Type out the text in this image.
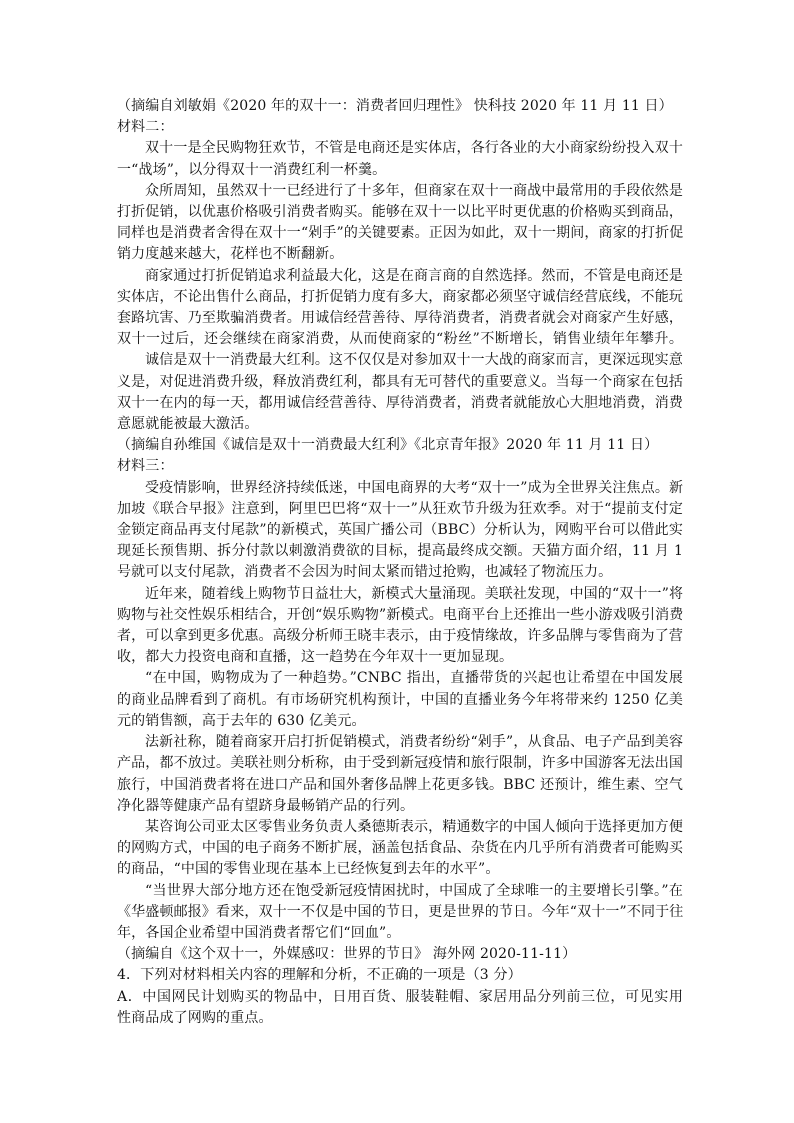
（摘编自刘敏娟《2020 年的双十一：消费者回归理性》 快科技 2020 年 11 月 11 日）
材料二：
双十一是全民购物狂欢节，不管是电商还是实体店，各行各业的大小商家纷纷投入双十
一“战场”，以分得双十一消费红利一杯羹。
众所周知，虽然双十一已经进行了十多年，但商家在双十一商战中最常用的手段依然是
打折促销，以优惠价格吸引消费者购买。能够在双十一以比平时更优惠的价格购买到商品，
同样也是消费者舍得在双十一“剁手”的关键要素。正因为如此，双十一期间，商家的打折促
销力度越来越大，花样也不断翻新。
商家通过打折促销追求利益最大化，这是在商言商的自然选择。然而，不管是电商还是
实体店，不论出售什么商品，打折促销力度有多大，商家都必须坚守诚信经营底线，不能玩
套路坑害、乃至欺骗消费者。用诚信经营善待、厚待消费者，消费者就会对商家产生好感，
双十一过后，还会继续在商家消费，从而使商家的“粉丝”不断增长，销售业绩年年攀升。
诚信是双十一消费最大红利。这不仅仅是对参加双十一大战的商家而言，更深远现实意
义是，对促进消费升级，释放消费红利，都具有无可替代的重要意义。当每一个商家在包括
双十一在内的每一天，都用诚信经营善待、厚待消费者，消费者就能放心大胆地消费，消费
意愿就能被最大激活。
（摘编自孙维国《诚信是双十一消费最大红利》《北京青年报》2020 年 11 月 11 日）
材料三：
受疫情影响，世界经济持续低迷，中国电商界的大考“双十一”成为全世界关注焦点。新
加坡《联合早报》注意到，阿里巴巴将“双十一”从狂欢节升级为狂欢季。对于“提前支付定
金锁定商品再支付尾款”的新模式，英国广播公司（BBC）分析认为，网购平台可以借此实
现延长预售期、拆分付款以刺激消费欲的目标，提高最终成交额。天猫方面介绍，11 月 1
号就可以支付尾款，消费者不会因为时间太紧而错过抢购，也减轻了物流压力。
近年来，随着线上购物节日益壮大，新模式大量涌现。美联社发现，中国的“双十一”将
购物与社交性娱乐相结合，开创“娱乐购物”新模式。电商平台上还推出一些小游戏吸引消费
者，可以拿到更多优惠。高级分析师王晓丰表示，由于疫情缘故，许多品牌与零售商为了营
收，都大力投资电商和直播，这一趋势在今年双十一更加显现。
“在中国，购物成为了一种趋势。”CNBC 指出，直播带货的兴起也让希望在中国发展
的商业品牌看到了商机。有市场研究机构预计，中国的直播业务今年将带来约 1250 亿美
元的销售额，高于去年的 630 亿美元。
法新社称，随着商家开启打折促销模式，消费者纷纷“剁手”，从食品、电子产品到美容
产品，都不放过。美联社则分析称，由于受到新冠疫情和旅行限制，许多中国游客无法出国
旅行，中国消费者将在进口产品和国外奢侈品牌上花更多钱。BBC 还预计，维生素、空气
净化器等健康产品有望跻身最畅销产品的行列。
某咨询公司亚太区零售业务负责人桑德斯表示，精通数字的中国人倾向于选择更加方便
的网购方式，中国的电子商务不断扩展，涵盖包括食品、杂货在内几乎所有消费者可能购买
的商品，“中国的零售业现在基本上已经恢复到去年的水平”。
“当世界大部分地方还在饱受新冠疫情困扰时，中国成了全球唯一的主要增长引擎。”在
《华盛顿邮报》看来，双十一不仅是中国的节日，更是世界的节日。今年“双十一”不同于往
年，各国企业希望中国消费者帮它们“回血”。
（摘编自《这个双十一，外媒感叹：世界的节日》 海外网 2020-11-11）
4．下列对材料相关内容的理解和分析，不正确的一项是（3 分）
A．中国网民计划购买的物品中，日用百货、服装鞋帽、家居用品分列前三位，可见实用
性商品成了网购的重点。
